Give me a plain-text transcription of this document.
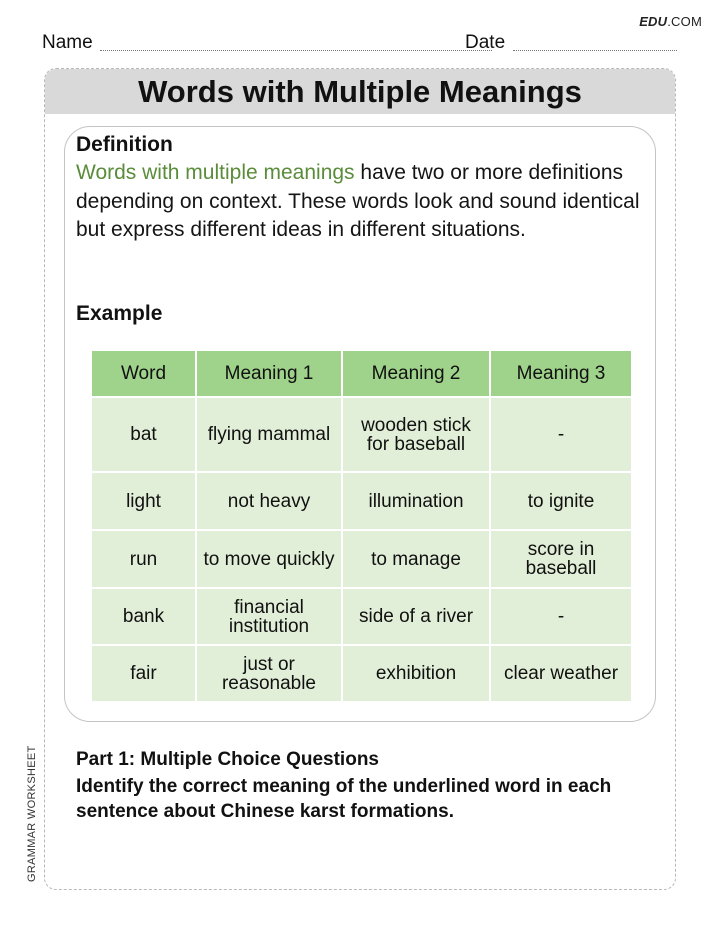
EDU.COM
Name	Date
GRAMMAR WORKSHEET
Words with Multiple Meanings
Definition
Words with multiple meanings have two or more definitions depending on context. These words look and sound identical but express different ideas in different situations.
Example
Word	Meaning 1	Meaning 2	Meaning 3
bat	flying mammal	wooden stick for baseball	-
light	not heavy	illumination	to ignite
run	to move quickly	to manage	score in baseball
bank	financial institution	side of a river	-
fair	just or reasonable	exhibition	clear weather
Part 1: Multiple Choice Questions
Identify the correct meaning of the underlined word in each sentence about Chinese karst formations.
